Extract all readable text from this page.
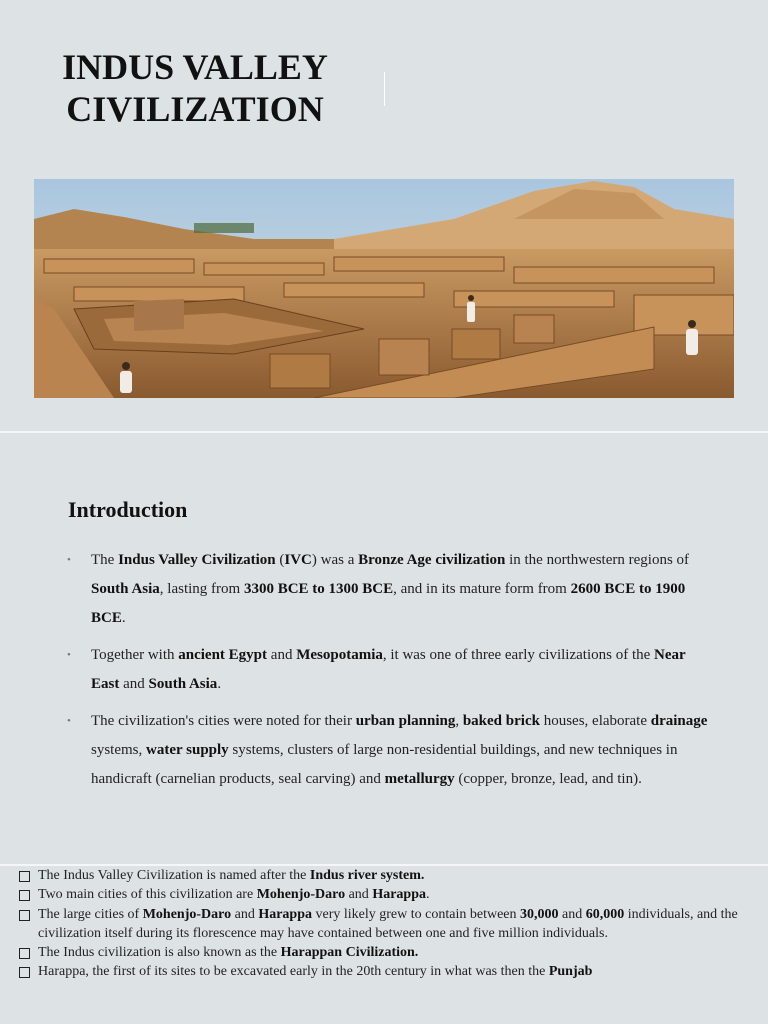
INDUS VALLEY
CIVILIZATION
Introduction
• The Indus Valley Civilization (IVC) was a Bronze Age civilization in the northwestern regions of South Asia, lasting from 3300 BCE to 1300 BCE, and in its mature form from 2600 BCE to 1900 BCE.
• Together with ancient Egypt and Mesopotamia, it was one of three early civilizations of the Near East and South Asia.
• The civilization's cities were noted for their urban planning, baked brick houses, elaborate drainage systems, water supply systems, clusters of large non-residential buildings, and new techniques in handicraft (carnelian products, seal carving) and metallurgy (copper, bronze, lead, and tin).
The Indus Valley Civilization is named after the Indus river system.
Two main cities of this civilization are Mohenjo-Daro and Harappa.
The large cities of Mohenjo-Daro and Harappa very likely grew to contain between 30,000 and 60,000 individuals, and the civilization itself during its florescence may have contained between one and five million individuals.
The Indus civilization is also known as the Harappan Civilization.
Harappa, the first of its sites to be excavated early in the 20th century in what was then the Punjab
